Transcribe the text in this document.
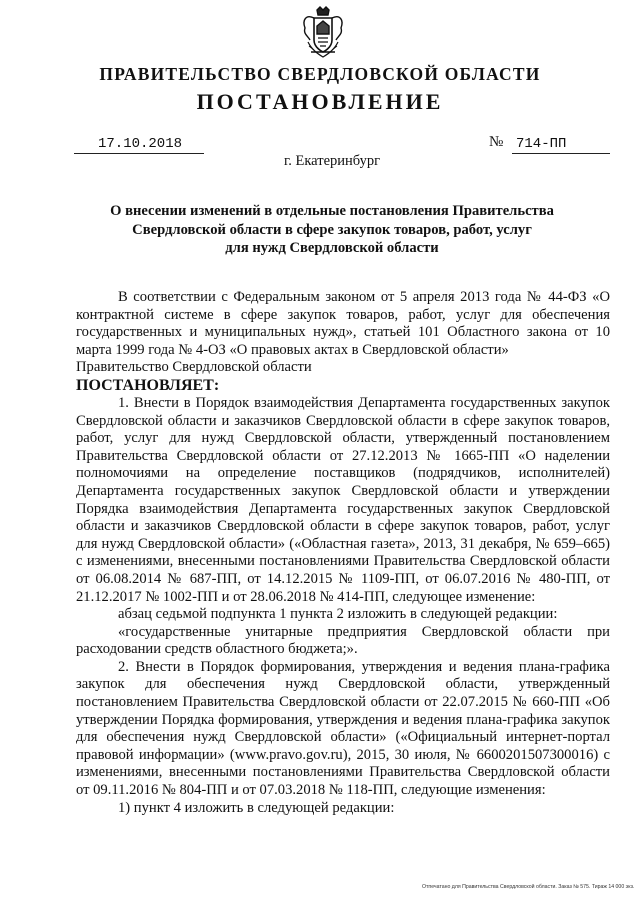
ПРАВИТЕЛЬСТВО СВЕРДЛОВСКОЙ ОБЛАСТИ
ПОСТАНОВЛЕНИЕ
17.10.2018	№ 714-ПП
г. Екатеринбург
О внесении изменений в отдельные постановления Правительства
Свердловской области в сфере закупок товаров, работ, услуг
для нужд Свердловской области

В соответствии с Федеральным законом от 5 апреля 2013 года № 44-ФЗ «О контрактной системе в сфере закупок товаров, работ, услуг для обеспечения государственных и муниципальных нужд», статьей 101 Областного закона от 10 марта 1999 года № 4-ОЗ «О правовых актах в Свердловской области»

Правительство Свердловской области

ПОСТАНОВЛЯЕТ:

1. Внести в Порядок взаимодействия Департамента государственных закупок Свердловской области и заказчиков Свердловской области в сфере закупок товаров, работ, услуг для нужд Свердловской области, утвержденный постановлением Правительства Свердловской области от 27.12.2013 № 1665-ПП «О наделении полномочиями на определение поставщиков (подрядчиков, исполнителей) Департамента государственных закупок Свердловской области и утверждении Порядка взаимодействия Департамента государственных закупок Свердловской области и заказчиков Свердловской области в сфере закупок товаров, работ, услуг для нужд Свердловской области» («Областная газета», 2013, 31 декабря, № 659–665) с изменениями, внесенными постановлениями Правительства Свердловской области от 06.08.2014 № 687-ПП, от 14.12.2015 № 1109-ПП, от 06.07.2016 № 480-ПП, от 21.12.2017 № 1002-ПП и от 28.06.2018 № 414-ПП, следующее изменение:

абзац седьмой подпункта 1 пункта 2 изложить в следующей редакции:

«государственные унитарные предприятия Свердловской области при расходовании средств областного бюджета;».

2. Внести в Порядок формирования, утверждения и ведения плана-графика закупок для обеспечения нужд Свердловской области, утвержденный постановлением Правительства Свердловской области от 22.07.2015 № 660-ПП «Об утверждении Порядка формирования, утверждения и ведения плана-графика закупок для обеспечения нужд Свердловской области» («Официальный интернет-портал правовой информации» (www.pravo.gov.ru), 2015, 30 июля, № 6600201507300016) с изменениями, внесенными постановлениями Правительства Свердловской области от 09.11.2016 № 804-ПП и от 07.03.2018 № 118-ПП, следующие изменения:

1) пункт 4 изложить в следующей редакции:

Отпечатано для Правительства Свердловской области. Заказ № 575. Тираж 14 000 экз.
